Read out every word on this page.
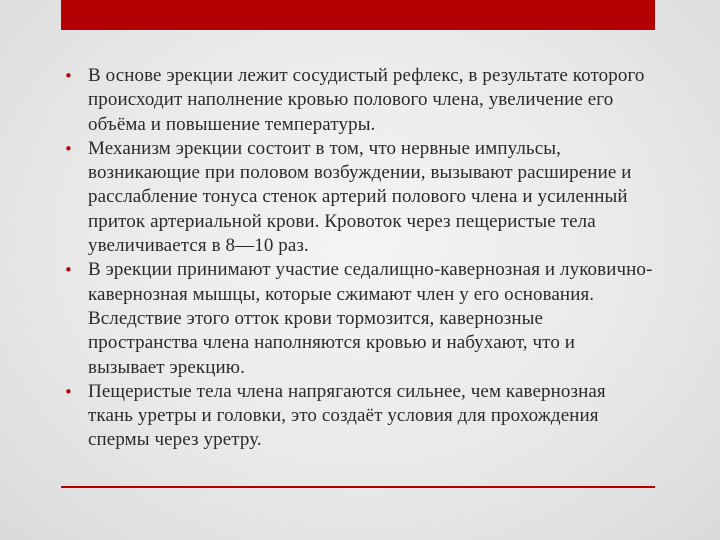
• В основе эрекции лежит сосудистый рефлекс, в результате которого происходит наполнение кровью полового члена, увеличение его объёма и повышение температуры.
• Механизм эрекции состоит в том, что нервные импульсы, возникающие при половом возбуждении, вызывают расширение и расслабление тонуса стенок артерий полового члена и усиленный приток артериальной крови. Кровоток через пещеристые тела увеличивается в 8—10 раз.
• В эрекции принимают участие седалищно-кавернозная и луковично-кавернозная мышцы, которые сжимают член у его основания. Вследствие этого отток крови тормозится, кавернозные пространства члена наполняются кровью и набухают, что и вызывает эрекцию.
• Пещеристые тела члена напрягаются сильнее, чем кавернозная ткань уретры и головки, это создаёт условия для прохождения спермы через уретру.
